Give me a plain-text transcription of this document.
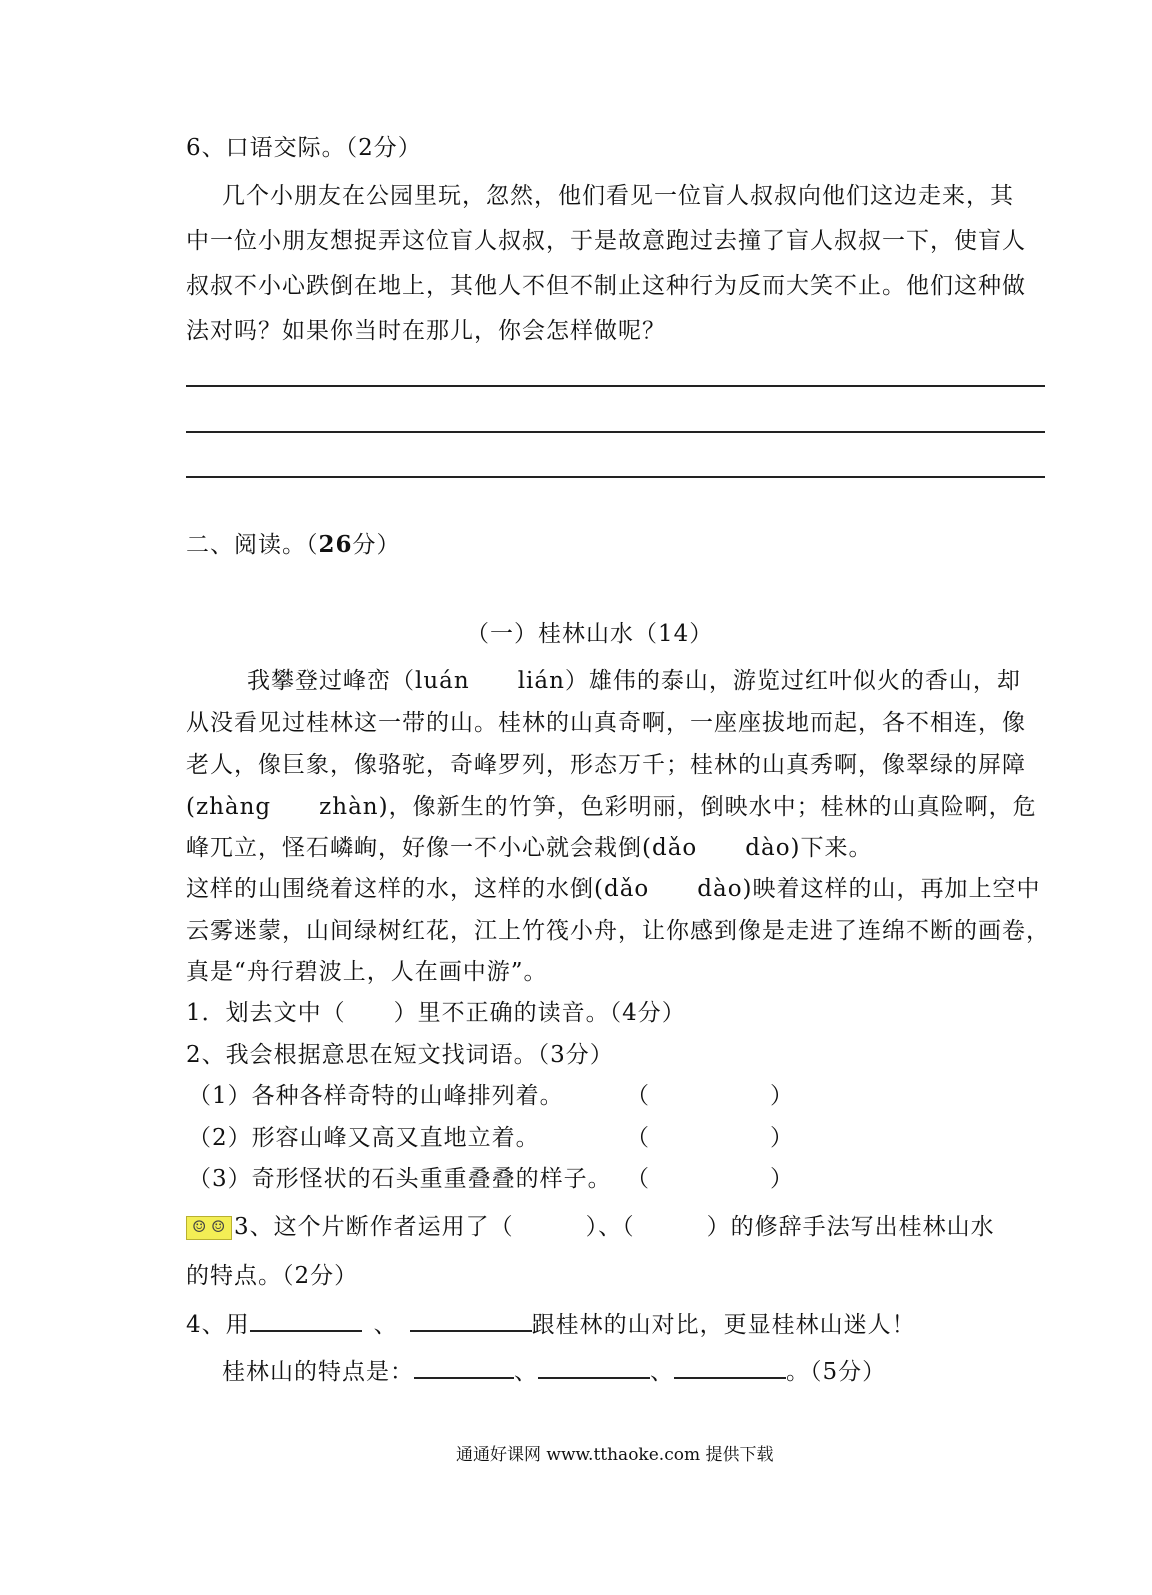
6、口语交际。（2分）
几个小朋友在公园里玩，忽然，他们看见一位盲人叔叔向他们这边走来，其
中一位小朋友想捉弄这位盲人叔叔，于是故意跑过去撞了盲人叔叔一下，使盲人
叔叔不小心跌倒在地上，其他人不但不制止这种行为反而大笑不止。他们这种做
法对吗？如果你当时在那儿，你会怎样做呢？
二、阅读。（26分）
（一）桂林山水（14）
我攀登过峰峦（luán　　lián）雄伟的泰山，游览过红叶似火的香山，却
从没看见过桂林这一带的山。桂林的山真奇啊，一座座拔地而起，各不相连，像
老人，像巨象，像骆驼，奇峰罗列，形态万千；桂林的山真秀啊，像翠绿的屏障
(zhàng　　zhàn)，像新生的竹笋，色彩明丽，倒映水中；桂林的山真险啊，危
峰兀立，怪石嶙峋，好像一不小心就会栽倒(dǎo　　dào)下来。
这样的山围绕着这样的水，这样的水倒(dǎo　　dào)映着这样的山，再加上空中
云雾迷蒙，山间绿树红花，江上竹筏小舟，让你感到像是走进了连绵不断的画卷，
真是“舟行碧波上，人在画中游”。
1．划去文中（　　）里不正确的读音。（4分）
2、我会根据意思在短文找词语。（3分）
（1）各种各样奇特的山峰排列着。	（	）
（2）形容山峰又高又直地立着。	（	）
（3）奇形怪状的石头重重叠叠的样子。 （	）
☺ ☺ 3、这个片断作者运用了（　　　）、（　　　）的修辞手法写出桂林山水
的特点。（2分）
4、用	、	跟桂林的山对比，更显桂林山迷人！
桂林山的特点是：	、	、	。（5分）
通通好课网 www.tthaoke.com 提供下载
